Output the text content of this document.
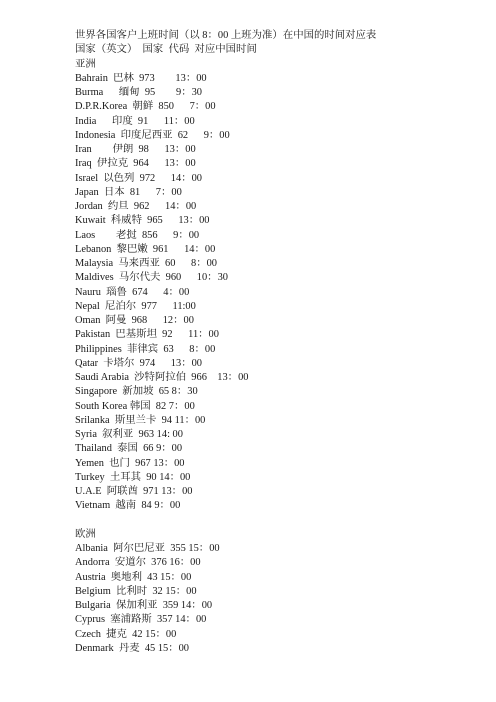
世界各国客户上班时间（以 8：00 上班为准）在中国的时间对应表
国家（英文）  国家  代码  对应中国时间
亚洲
Bahrain  巴林  973        13：00
Burma      缅甸  95        9：30
D.P.R.Korea  朝鲜  850      7：00
India      印度  91      11：00
Indonesia  印度尼西亚  62      9：00
Iran        伊朗  98      13：00
Iraq  伊拉克  964      13：00
Israel  以色列  972      14：00
Japan  日本  81      7：00
Jordan  约旦  962      14：00
Kuwait  科威特  965      13：00
Laos        老挝  856      9：00
Lebanon  黎巴嫩  961      14：00
Malaysia  马来西亚  60      8：00
Maldives  马尔代夫  960      10：30
Nauru  瑙鲁  674      4：00
Nepal  尼泊尔  977      11:00
Oman  阿曼  968      12：00
Pakistan  巴基斯坦  92      11：00
Philippines  菲律宾  63      8：00
Qatar  卡塔尔  974      13：00
Saudi Arabia  沙特阿拉伯  966    13：00
Singapore  新加坡  65 8：30
South Korea 韩国  82 7：00
Srilanka  斯里兰卡  94 11：00
Syria  叙利亚  963 14: 00
Thailand  泰国  66 9：00
Yemen  也门  967 13：00
Turkey  土耳其  90 14：00
U.A.E  阿联酋  971 13：00
Vietnam  越南  84 9：00
欧洲
Albania  阿尔巴尼亚  355 15：00
Andorra  安道尔  376 16：00
Austria  奥地利  43 15：00
Belgium  比利时  32 15：00
Bulgaria  保加利亚  359 14：00
Cyprus  塞浦路斯  357 14：00
Czech  捷克  42 15：00
Denmark  丹麦  45 15：00
